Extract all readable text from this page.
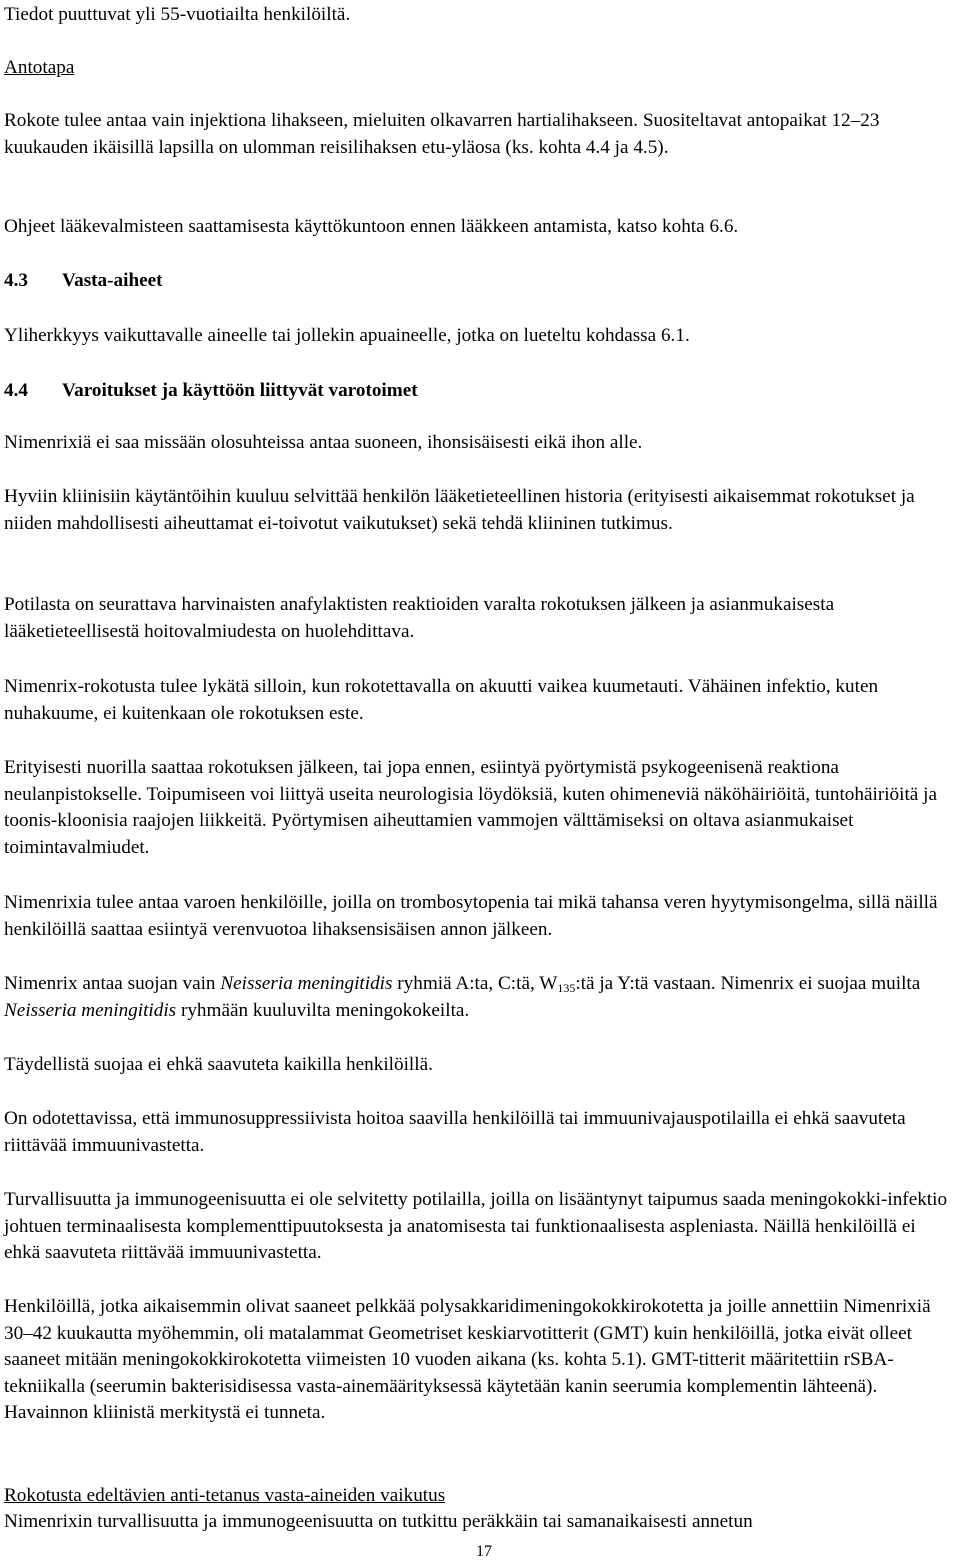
Tiedot puuttuvat yli 55-vuotiailta henkilöiltä.

Antotapa

Rokote tulee antaa vain injektiona lihakseen, mieluiten olkavarren hartialihakseen. Suositeltavat antopaikat 12‒23 kuukauden ikäisillä lapsilla on ulomman reisilihaksen etu-yläosa (ks. kohta 4.4 ja 4.5).

Ohjeet lääkevalmisteen saattamisesta käyttökuntoon ennen lääkkeen antamista, katso kohta 6.6.

4.3 Vasta-aiheet

Yliherkkyys vaikuttavalle aineelle tai jollekin apuaineelle, jotka on lueteltu kohdassa 6.1.

4.4 Varoitukset ja käyttöön liittyvät varotoimet

Nimenrixiä ei saa missään olosuhteissa antaa suoneen, ihonsisäisesti eikä ihon alle.

Hyviin kliinisiin käytäntöihin kuuluu selvittää henkilön lääketieteellinen historia (erityisesti aikaisemmat rokotukset ja niiden mahdollisesti aiheuttamat ei-toivotut vaikutukset) sekä tehdä kliininen tutkimus.

Potilasta on seurattava harvinaisten anafylaktisten reaktioiden varalta rokotuksen jälkeen ja asianmukaisesta lääketieteellisestä hoitovalmiudesta on huolehdittava.

Nimenrix-rokotusta tulee lykätä silloin, kun rokotettavalla on akuutti vaikea kuumetauti. Vähäinen infektio, kuten nuhakuume, ei kuitenkaan ole rokotuksen este.

Erityisesti nuorilla saattaa rokotuksen jälkeen, tai jopa ennen, esiintyä pyörtymistä psykogeenisenä reaktiona neulanpistokselle. Toipumiseen voi liittyä useita neurologisia löydöksiä, kuten ohimeneviä näköhäiriöitä, tuntohäiriöitä ja toonis-kloonisia raajojen liikkeitä. Pyörtymisen aiheuttamien vammojen välttämiseksi on oltava asianmukaiset toimintavalmiudet.

Nimenrixia tulee antaa varoen henkilöille, joilla on trombosytopenia tai mikä tahansa veren hyytymisongelma, sillä näillä henkilöillä saattaa esiintyä verenvuotoa lihaksensisäisen annon jälkeen.

Nimenrix antaa suojan vain Neisseria meningitidis ryhmiä A:ta, C:tä, $W_{135}:tä$ ja Y:tä vastaan. Nimenrix ei suojaa muilta Neisseria meningitidis ryhmään kuuluvilta meningokokeilta.

Täydellistä suojaa ei ehkä saavuteta kaikilla henkilöillä.

On odotettavissa, että immunosuppressiivista hoitoa saavilla henkilöillä tai immuunivajauspotilailla ei ehkä saavuteta riittävää immuunivastetta.

Turvallisuutta ja immunogeenisuutta ei ole selvitetty potilailla, joilla on lisääntynyt taipumus saada meningokokki-infektio johtuen terminaalisesta komplementtipuutoksesta ja anatomisesta tai funktionaalisesta aspleniasta. Näillä henkilöillä ei ehkä saavuteta riittävää immuunivastetta.

Henkilöillä, jotka aikaisemmin olivat saaneet pelkkää polysakkaridimeningokokkirokotetta ja joille annettiin Nimenrixiä 30‒42 kuukautta myöhemmin, oli matalammat Geometriset keskiarvotitterit (GMT) kuin henkilöillä, jotka eivät olleet saaneet mitään meningokokkirokotetta viimeisten 10 vuoden aikana (ks. kohta 5.1). GMT-titterit määritettiin rSBA-tekniikalla (seerumin bakterisidisessa vasta-ainemäärityksessä käytetään kanin seerumia komplementin lähteenä). Havainnon kliinistä merkitystä ei tunneta.

Rokotusta edeltävien anti-tetanus vasta-aineiden vaikutus

Nimenrixin turvallisuutta ja immunogeenisuutta on tutkittu peräkkäin tai samanaikaisesti annetun

17
